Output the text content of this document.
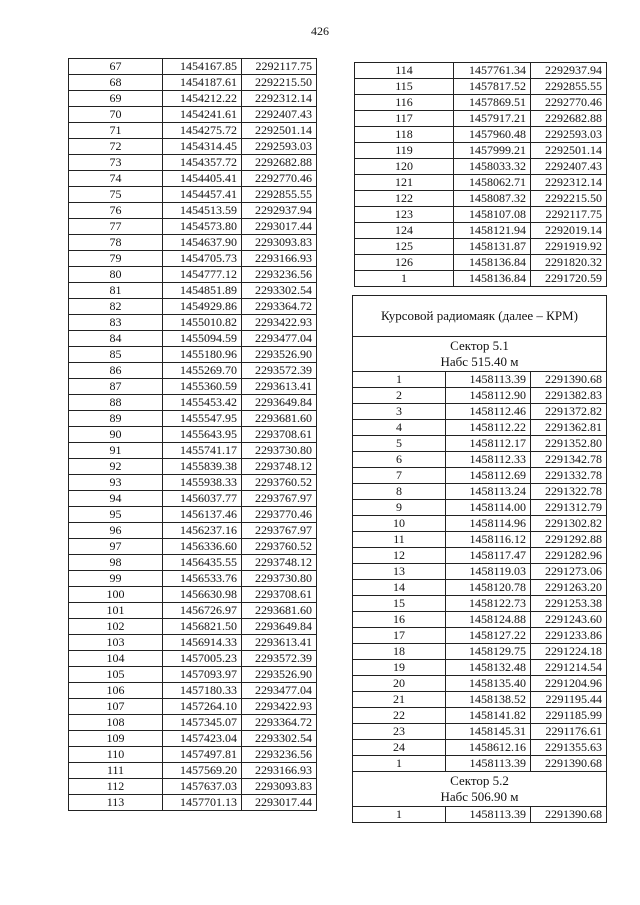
426
67	1454167.85	2292117.75
68	1454187.61	2292215.50
69	1454212.22	2292312.14
70	1454241.61	2292407.43
71	1454275.72	2292501.14
72	1454314.45	2292593.03
73	1454357.72	2292682.88
74	1454405.41	2292770.46
75	1454457.41	2292855.55
76	1454513.59	2292937.94
77	1454573.80	2293017.44
78	1454637.90	2293093.83
79	1454705.73	2293166.93
80	1454777.12	2293236.56
81	1454851.89	2293302.54
82	1454929.86	2293364.72
83	1455010.82	2293422.93
84	1455094.59	2293477.04
85	1455180.96	2293526.90
86	1455269.70	2293572.39
87	1455360.59	2293613.41
88	1455453.42	2293649.84
89	1455547.95	2293681.60
90	1455643.95	2293708.61
91	1455741.17	2293730.80
92	1455839.38	2293748.12
93	1455938.33	2293760.52
94	1456037.77	2293767.97
95	1456137.46	2293770.46
96	1456237.16	2293767.97
97	1456336.60	2293760.52
98	1456435.55	2293748.12
99	1456533.76	2293730.80
100	1456630.98	2293708.61
101	1456726.97	2293681.60
102	1456821.50	2293649.84
103	1456914.33	2293613.41
104	1457005.23	2293572.39
105	1457093.97	2293526.90
106	1457180.33	2293477.04
107	1457264.10	2293422.93
108	1457345.07	2293364.72
109	1457423.04	2293302.54
110	1457497.81	2293236.56
111	1457569.20	2293166.93
112	1457637.03	2293093.83
113	1457701.13	2293017.44
114	1457761.34	2292937.94
115	1457817.52	2292855.55
116	1457869.51	2292770.46
117	1457917.21	2292682.88
118	1457960.48	2292593.03
119	1457999.21	2292501.14
120	1458033.32	2292407.43
121	1458062.71	2292312.14
122	1458087.32	2292215.50
123	1458107.08	2292117.75
124	1458121.94	2292019.14
125	1458131.87	2291919.92
126	1458136.84	2291820.32
1	1458136.84	2291720.59
Курсовой радиомаяк (далее – КРМ)		
Сектор 5.1
Набс 515.40 м		
1	1458113.39	2291390.68
2	1458112.90	2291382.83
3	1458112.46	2291372.82
4	1458112.22	2291362.81
5	1458112.17	2291352.80
6	1458112.33	2291342.78
7	1458112.69	2291332.78
8	1458113.24	2291322.78
9	1458114.00	2291312.79
10	1458114.96	2291302.82
11	1458116.12	2291292.88
12	1458117.47	2291282.96
13	1458119.03	2291273.06
14	1458120.78	2291263.20
15	1458122.73	2291253.38
16	1458124.88	2291243.60
17	1458127.22	2291233.86
18	1458129.75	2291224.18
19	1458132.48	2291214.54
20	1458135.40	2291204.96
21	1458138.52	2291195.44
22	1458141.82	2291185.99
23	1458145.31	2291176.61
24	1458612.16	2291355.63
1	1458113.39	2291390.68
Сектор 5.2
Набс 506.90 м		
1	1458113.39	2291390.68
